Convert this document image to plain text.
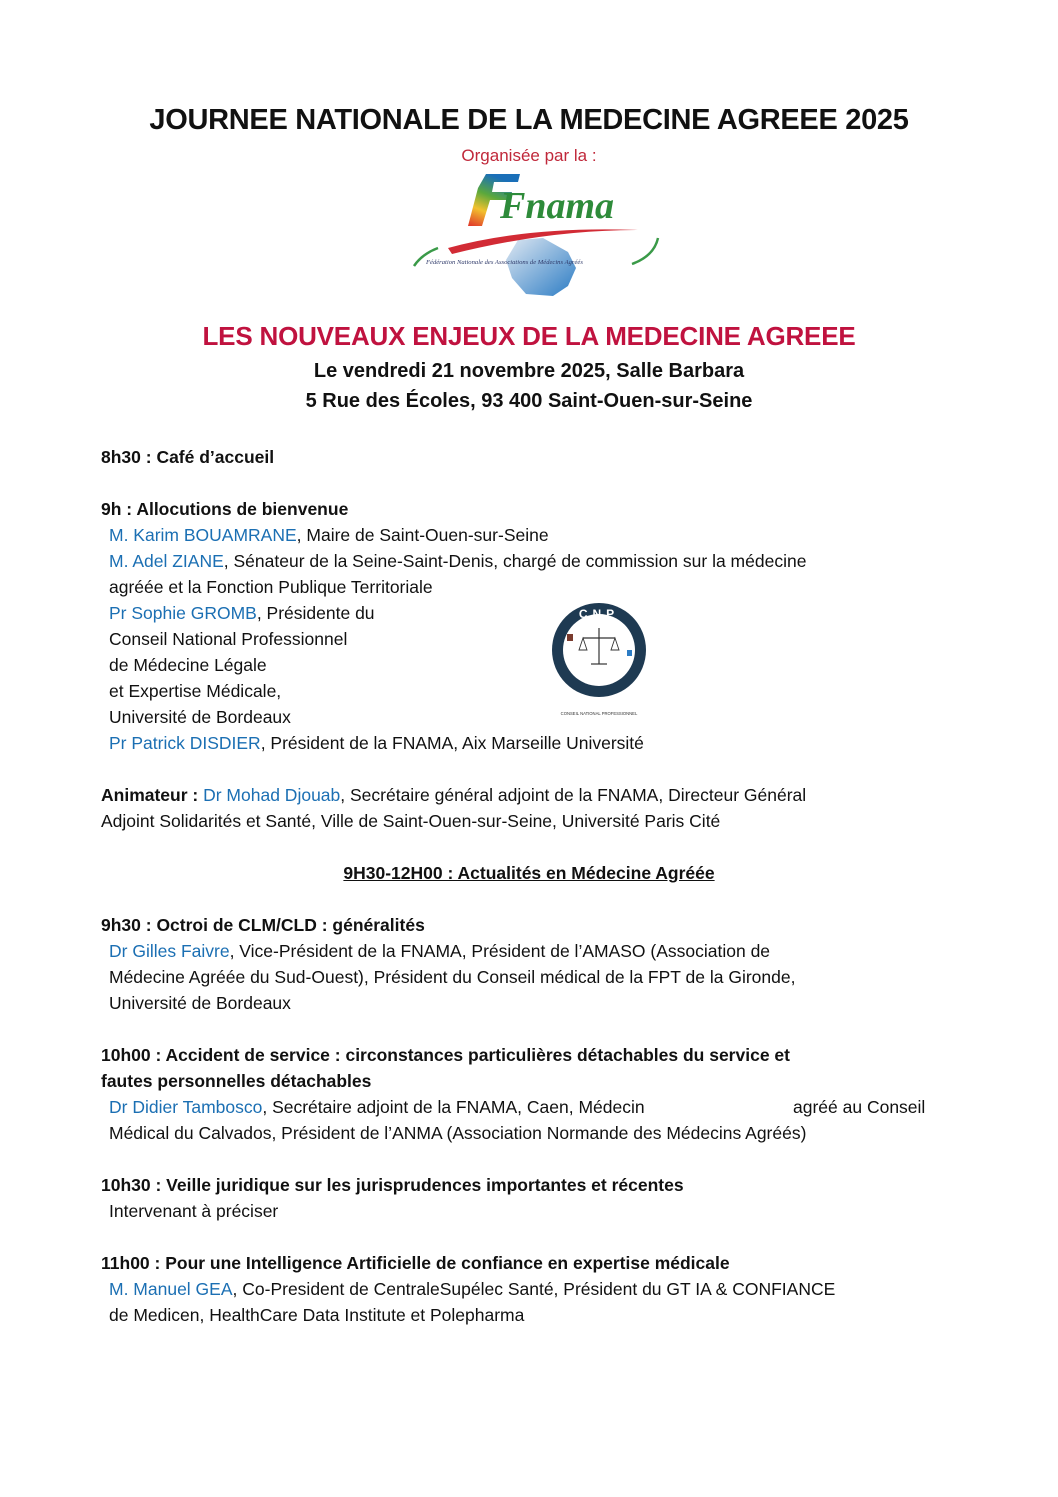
JOURNEE NATIONALE DE LA MEDECINE AGREEE 2025
Organisée par la :
Fnama
Fédération Nationale des Associations de Médecins Agréés
LES NOUVEAUX ENJEUX DE LA MEDECINE AGREEE
Le vendredi 21 novembre 2025, Salle Barbara
5 Rue des Écoles, 93 400 Saint-Ouen-sur-Seine
8h30 : Café d’accueil
9h : Allocutions de bienvenue
M. Karim BOUAMRANE, Maire de Saint-Ouen-sur-Seine
M. Adel ZIANE, Sénateur de la Seine-Saint-Denis, chargé de commission sur la médecine
agréée et la Fonction Publique Territoriale
Pr Sophie GROMB, Présidente du
Conseil National Professionnel
de Médecine Légale
et Expertise Médicale,
Université de Bordeaux
Pr Patrick DISDIER, Président de la FNAMA, Aix Marseille Université
CNP
CONSEIL NATIONAL PROFESSIONNEL
Animateur : Dr Mohad Djouab, Secrétaire général adjoint de la FNAMA, Directeur Général
Adjoint Solidarités et Santé, Ville de Saint-Ouen-sur-Seine, Université Paris Cité
9H30-12H00 : Actualités en Médecine Agréée
9h30 : Octroi de CLM/CLD : généralités
Dr Gilles Faivre, Vice-Président de la FNAMA, Président de l’AMASO (Association de
Médecine Agréée du Sud-Ouest), Président du Conseil médical de la FPT de la Gironde,
Université de Bordeaux
10h00 : Accident de service : circonstances particulières détachables du service et
fautes personnelles détachables
Dr Didier Tambosco, Secrétaire adjoint de la FNAMA, Caen, Médecin	agréé au Conseil
Médical du Calvados, Président de l’ANMA (Association Normande des Médecins Agréés)
10h30 : Veille juridique sur les jurisprudences importantes et récentes
Intervenant à préciser
11h00 : Pour une Intelligence Artificielle de confiance en expertise médicale
M. Manuel GEA, Co-President de CentraleSupélec Santé, Président du GT IA & CONFIANCE
de Medicen, HealthCare Data Institute et Polepharma
